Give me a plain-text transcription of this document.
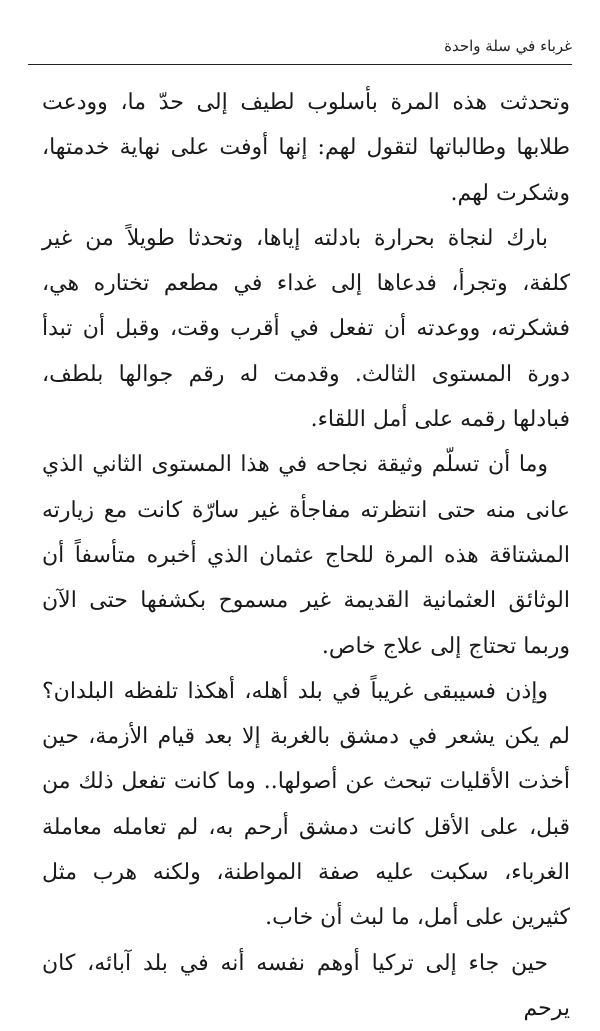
غرباء في سلة واحدة

وتحدثت هذه المرة بأسلوب لطيف إلى حدّ ما، وودعت طلابها وطالباتها لتقول لهم: إنها أوفت على نهاية خدمتها، وشكرت لهم.

بارك لنجاة بحرارة بادلته إياها، وتحدثا طويلاً من غير كلفة، وتجرأ، فدعاها إلى غداء في مطعم تختاره هي، فشكرته، ووعدته أن تفعل في أقرب وقت، وقبل أن تبدأ دورة المستوى الثالث. وقدمت له رقم جوالها بلطف، فبادلها رقمه على أمل اللقاء.

وما أن تسلّم وثيقة نجاحه في هذا المستوى الثاني الذي عانى منه حتى انتظرته مفاجأة غير سارّة كانت مع زيارته المشتاقة هذه المرة للحاج عثمان الذي أخبره متأسفاً أن الوثائق العثمانية القديمة غير مسموح بكشفها حتى الآن وربما تحتاج إلى علاج خاص.

وإذن فسيبقى غريباً في بلد أهله، أهكذا تلفظه البلدان؟ لم يكن يشعر في دمشق بالغربة إلا بعد قيام الأزمة، حين أخذت الأقليات تبحث عن أصولها.. وما كانت تفعل ذلك من قبل، على الأقل كانت دمشق أرحم به، لم تعامله معاملة الغرباء، سكبت عليه صفة المواطنة، ولكنه هرب مثل كثيرين على أمل، ما لبث أن خاب.

حين جاء إلى تركيا أوهم نفسه أنه في بلد آبائه، كان يرحم
